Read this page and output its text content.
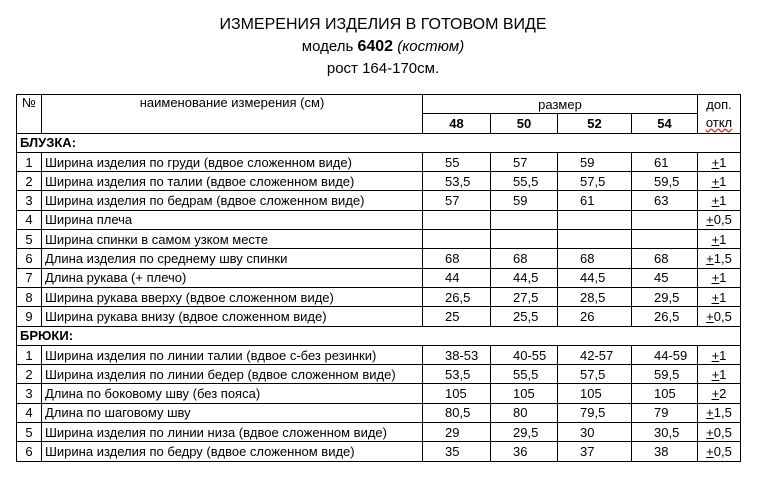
ИЗМЕРЕНИЯ ИЗДЕЛИЯ В ГОТОВОМ ВИДЕ
модель 6402 (костюм)
рост 164-170см.
№	наименование измерения (см)	размер				доп.
откл

		48	50	52	54	
БЛУЗКА:						
1	Ширина изделия по груди (вдвое сложенном виде)	55	57	59	61	+1
2	Ширина изделия по талии (вдвое сложенном виде)	53,5	55,5	57,5	59,5	+1
3	Ширина изделия по бедрам (вдвое сложенном виде)	57	59	61	63	+1
4	Ширина плеча					+0,5
5	Ширина спинки в самом узком месте					+1
6	Длина изделия по среднему шву спинки	68	68	68	68	+1,5
7	Длина рукава (+ плечо)	44	44,5	44,5	45	+1
8	Ширина рукава вверху (вдвое сложенном виде)	26,5	27,5	28,5	29,5	+1
9	Ширина рукава внизу (вдвое сложенном виде)	25	25,5	26	26,5	+0,5
БРЮКИ:						
1	Ширина изделия по линии талии (вдвое с-без резинки)	38-53	40-55	42-57	44-59	+1
2	Ширина изделия по линии бедер (вдвое сложенном виде)	53,5	55,5	57,5	59,5	+1
3	Длина по боковому шву (без пояса)	105	105	105	105	+2
4	Длина по шаговому шву	80,5	80	79,5	79	+1,5
5	Ширина изделия по линии низа (вдвое сложенном виде)	29	29,5	30	30,5	+0,5
6	Ширина изделия по бедру (вдвое сложенном виде)	35	36	37	38	+0,5
